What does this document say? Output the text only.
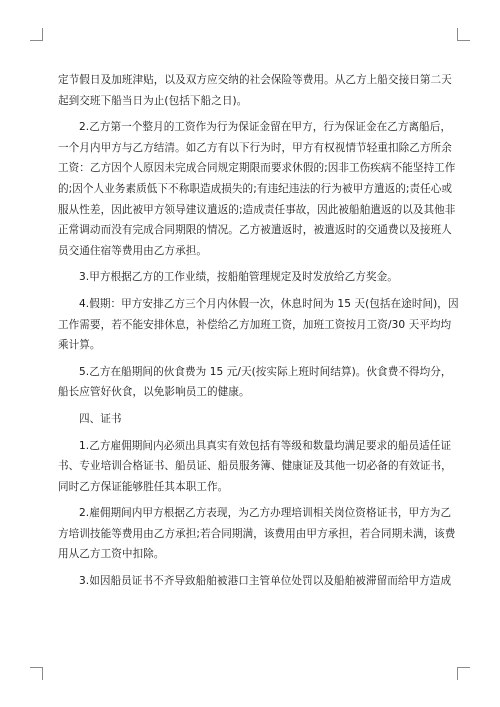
定节假日及加班津贴，以及双方应交纳的社会保险等费用。从乙方上船交接日第二天
起到交班下船当日为止(包括下船之日)。
2.乙方第一个整月的工资作为行为保证金留在甲方，行为保证金在乙方离船后，
一个月内甲方与乙方结清。如乙方有以下行为时，甲方有权视情节轻重扣除乙方所余
工资：乙方因个人原因未完成合同规定期限而要求休假的;因非工伤疾病不能坚持工作
的;因个人业务素质低下不称职造成损失的;有违纪违法的行为被甲方遣返的;责任心或
服从性差，因此被甲方领导建议遣返的;造成责任事故，因此被船舶遣返的以及其他非
正常调动而没有完成合同期限的情况。乙方被遣返时，被遣返时的交通费以及接班人
员交通住宿等费用由乙方承担。
3.甲方根据乙方的工作业绩，按船舶管理规定及时发放给乙方奖金。
4.假期：甲方安排乙方三个月内休假一次，休息时间为 15 天(包括在途时间)，因
工作需要，若不能安排休息，补偿给乙方加班工资，加班工资按月工资/30 天平均均
乘计算。
5.乙方在船期间的伙食费为 15 元/天(按实际上班时间结算)。伙食费不得均分，
船长应管好伙食，以免影响员工的健康。
四、证书
1.乙方雇佣期间内必须出具真实有效包括有等级和数量均满足要求的船员适任证
书、专业培训合格证书、船员证、船员服务簿、健康证及其他一切必备的有效证书，
同时乙方保证能够胜任其本职工作。
2.雇佣期间内甲方根据乙方表现，为乙方办理培训相关岗位资格证书，甲方为乙
方培训技能等费用由乙方承担;若合同期满，该费用由甲方承担，若合同期未满，该费
用从乙方工资中扣除。
3.如因船员证书不齐导致船舶被港口主管单位处罚以及船舶被滞留而给甲方造成
